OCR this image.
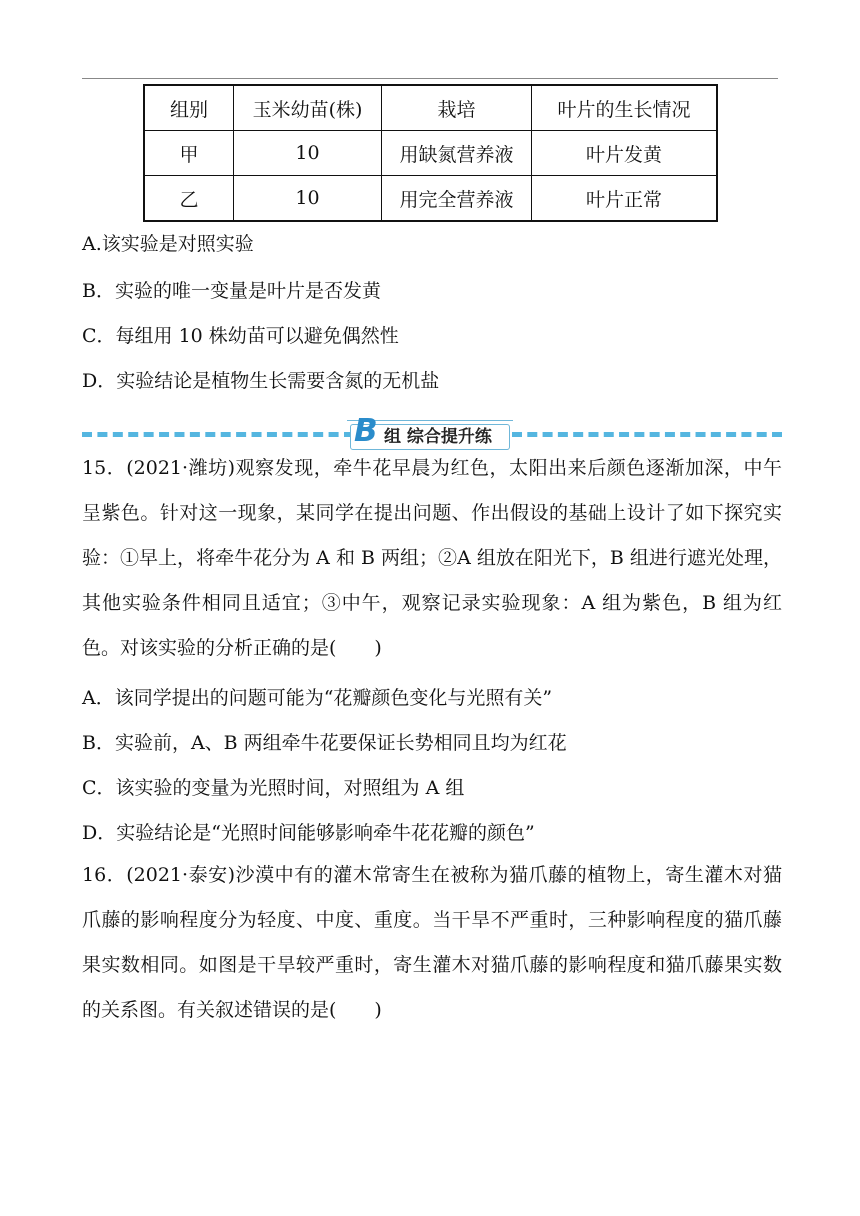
组别	玉米幼苗(株)	栽培	叶片的生长情况
甲	10	用缺氮营养液	叶片发黄
乙	10	用完全营养液	叶片正常
A.该实验是对照实验
B．实验的唯一变量是叶片是否发黄
C．每组用 10 株幼苗可以避免偶然性
D．实验结论是植物生长需要含氮的无机盐
B 组 综合提升练
15．(2021·潍坊)观察发现，牵牛花早晨为红色，太阳出来后颜色逐渐加深，中午呈紫色。针对这一现象，某同学在提出问题、作出假设的基础上设计了如下探究实验：①早上，将牵牛花分为 A 和 B 两组；②A 组放在阳光下，B 组进行遮光处理，其他实验条件相同且适宜；③中午，观察记录实验现象：A 组为紫色，B 组为红色。对该实验的分析正确的是(　　)
A．该同学提出的问题可能为“花瓣颜色变化与光照有关”
B．实验前，A、B 两组牵牛花要保证长势相同且均为红花
C．该实验的变量为光照时间，对照组为 A 组
D．实验结论是“光照时间能够影响牵牛花花瓣的颜色”
16．(2021·泰安)沙漠中有的灌木常寄生在被称为猫爪藤的植物上，寄生灌木对猫爪藤的影响程度分为轻度、中度、重度。当干旱不严重时，三种影响程度的猫爪藤果实数相同。如图是干旱较严重时，寄生灌木对猫爪藤的影响程度和猫爪藤果实数的关系图。有关叙述错误的是(　　)
